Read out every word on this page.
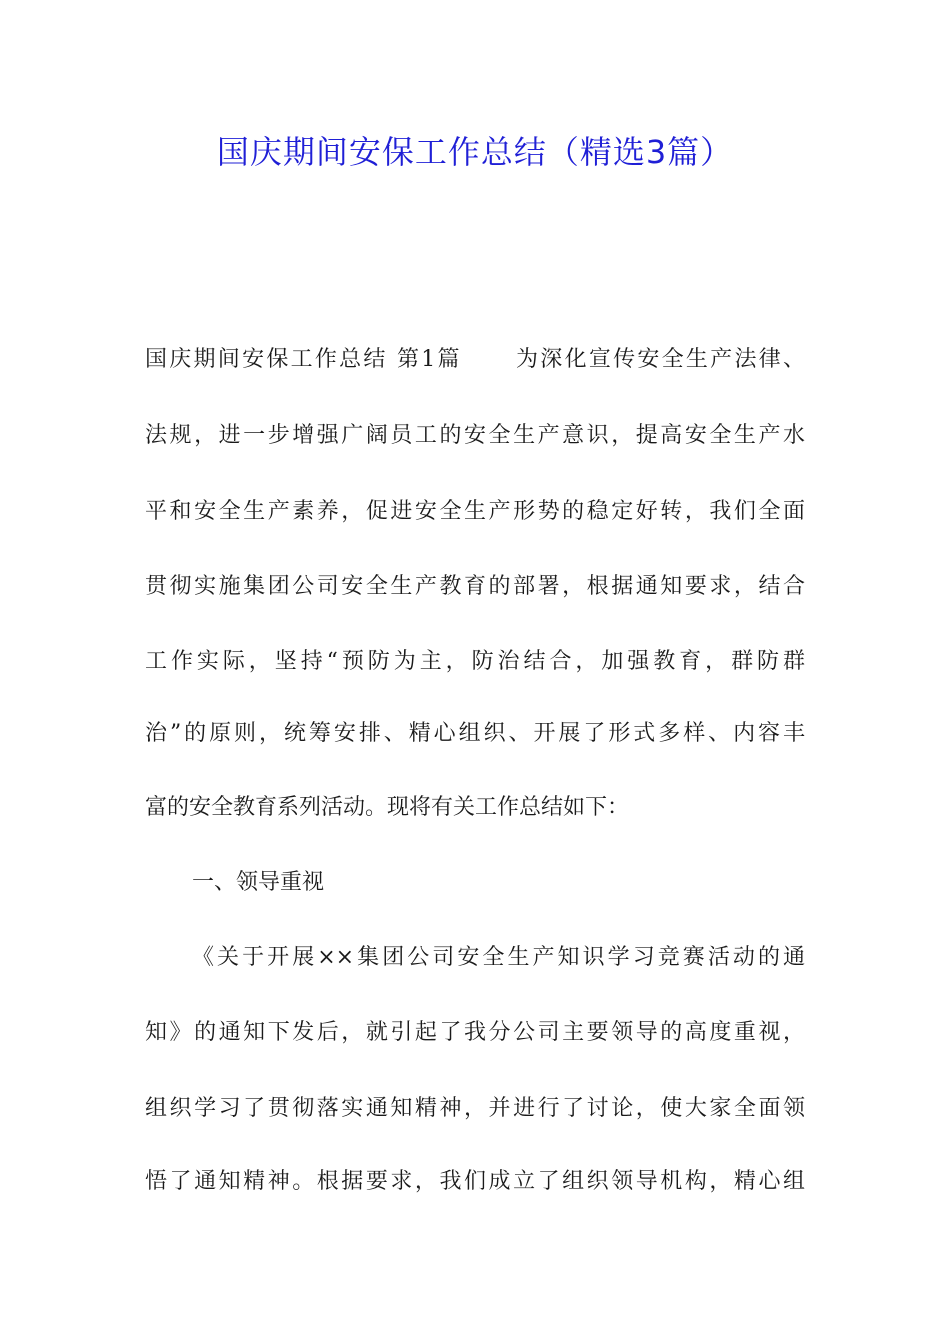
国庆期间安保工作总结（精选3篇）

国庆期间安保工作总结 第1篇 为深化宣传安全生产法律、

法规，进一步增强广阔员工的安全生产意识，提高安全生产水

平和安全生产素养，促进安全生产形势的稳定好转，我们全面

贯彻实施集团公司安全生产教育的部署，根据通知要求，结合

工作实际，坚持“预防为主，防治结合，加强教育，群防群

治”的原则，统筹安排、精心组织、开展了形式多样、内容丰

富的安全教育系列活动。现将有关工作总结如下：

一、领导重视

《关于开展××集团公司安全生产知识学习竞赛活动的通

知》的通知下发后，就引起了我分公司主要领导的高度重视，

组织学习了贯彻落实通知精神，并进行了讨论，使大家全面领

悟了通知精神。根据要求，我们成立了组织领导机构，精心组
